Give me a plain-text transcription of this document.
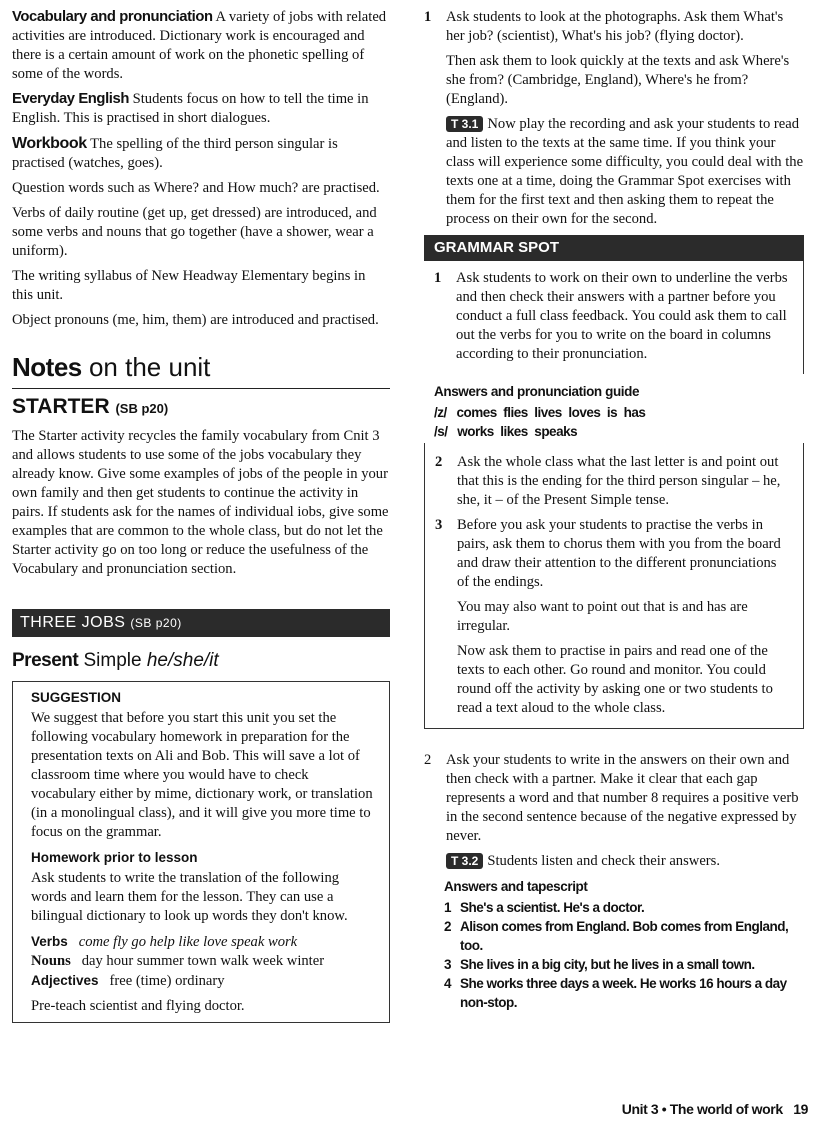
Vocabulary and pronunciation A variety of jobs with related activities are introduced. Dictionary work is encouraged and there is a certain amount of work on the phonetic spelling of some of the words.

Everyday English Students focus on how to tell the time in English. This is practised in short dialogues.

Workbook The spelling of the third person singular is practised (watches, goes).

Question words such as Where? and How much? are practised.

Verbs of daily routine (get up, get dressed) are introduced, and some verbs and nouns that go together (have a shower, wear a uniform).

The writing syllabus of New Headway Elementary begins in this unit.

Object pronouns (me, him, them) are introduced and practised.

Notes on the unit
STARTER (SB p20)

The Starter activity recycles the family vocabulary from Cnit 3 and allows students to use some of the jobs vocabulary they already know. Give some examples of jobs of the people in your own family and then get students to continue the activity in pairs. If students ask for the names of individual iobs, give some examples that are common to the whole class, but do not let the Starter activity go on too long or reduce the usefulness of the Vocabulary and pronunciation section.

THREE JOBS (SB p20)
Present Simple he/she/it
SUGGESTION

We suggest that before you start this unit you set the following vocabulary homework in preparation for the presentation texts on Ali and Bob. This will save a lot of classroom time where you would have to check vocabulary either by mime, dictionary work, or translation (in a monolingual class), and it will give you more time to focus on the grammar.

Homework prior to lesson

Ask students to write the translation of the following words and learn them for the lesson. They can use a bilingual dictionary to look up words they don't know.

Verbs come fly go help like love speak work
Nouns day hour summer town walk week winter
Adjectives free (time) ordinary
Pre-teach scientist and flying doctor.
1 Ask students to look at the photographs. Ask them What's her job? (scientist), What's his job? (flying doctor).

Then ask them to look quickly at the texts and ask Where's she from? (Cambridge, England), Where's he from? (England).

T 3.1 Now play the recording and ask your students to read and listen to the texts at the same time. If you think your class will experience some difficulty, you could deal with the texts one at a time, doing the Grammar Spot exercises with them for the first text and then asking them to repeat the process on their own for the second.

GRAMMAR SPOT
1 Ask students to work on their own to underline the verbs and then check their answers with a partner before you conduct a full class feedback. You could ask them to call out the verbs for you to write on the board in columns according to their pronunciation.
Answers and pronunciation guide
/z/   comes  flies  lives  loves  is  has
/s/   works  likes  speaks
2 Ask the whole class what the last letter is and point out that this is the ending for the third person singular – he, she, it – of the Present Simple tense.
3 Before you ask your students to practise the verbs in pairs, ask them to chorus them with you from the board and draw their attention to the different pronunciations of the endings.

You may also want to point out that is and has are irregular.

Now ask them to practise in pairs and read one of the texts to each other. Go round and monitor. You could round off the activity by asking one or two students to read a text aloud to the whole class.

2 Ask your students to write in the answers on their own and then check with a partner. Make it clear that each gap represents a word and that number 8 requires a positive verb in the second sentence because of the negative expressed by never.

T 3.2 Students listen and check their answers.

Answers and tapescript
1 She's a scientist. He's a doctor.
2 Alison comes from England. Bob comes from England, too.
3 She lives in a big city, but he lives in a small town.
4 She works three days a week. He works 16 hours a day non-stop.
Unit 3 • The world of work   19
